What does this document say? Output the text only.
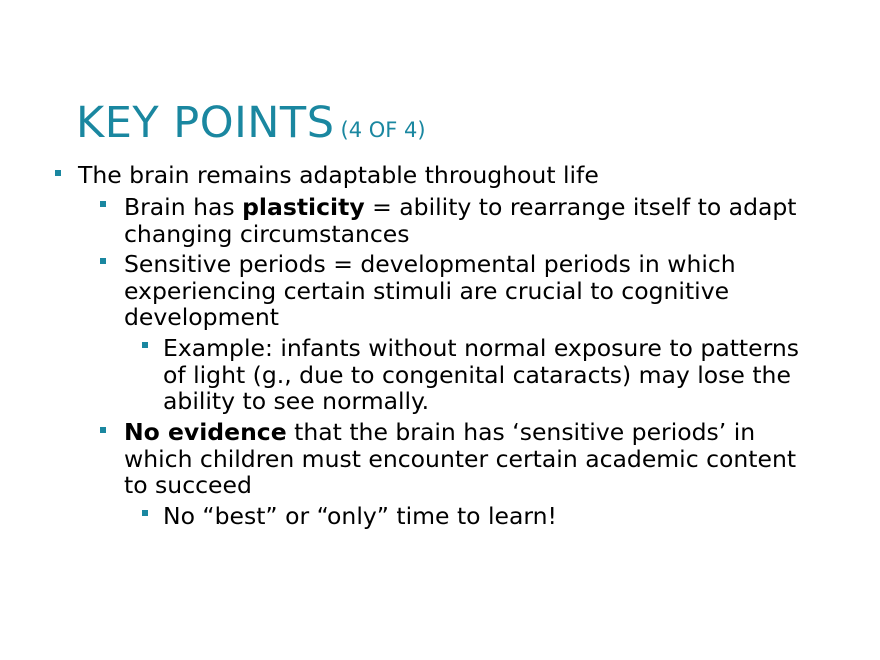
KEY POINTS (4 OF 4)
The brain remains adaptable throughout life
Brain has plasticity = ability to rearrange itself to adapt
changing circumstances
Sensitive periods = developmental periods in which
experiencing certain stimuli are crucial to cognitive
development
Example: infants without normal exposure to patterns
of light (g., due to congenital cataracts) may lose the
ability to see normally.
No evidence that the brain has ‘sensitive periods’ in
which children must encounter certain academic content
to succeed
No “best” or “only” time to learn!
